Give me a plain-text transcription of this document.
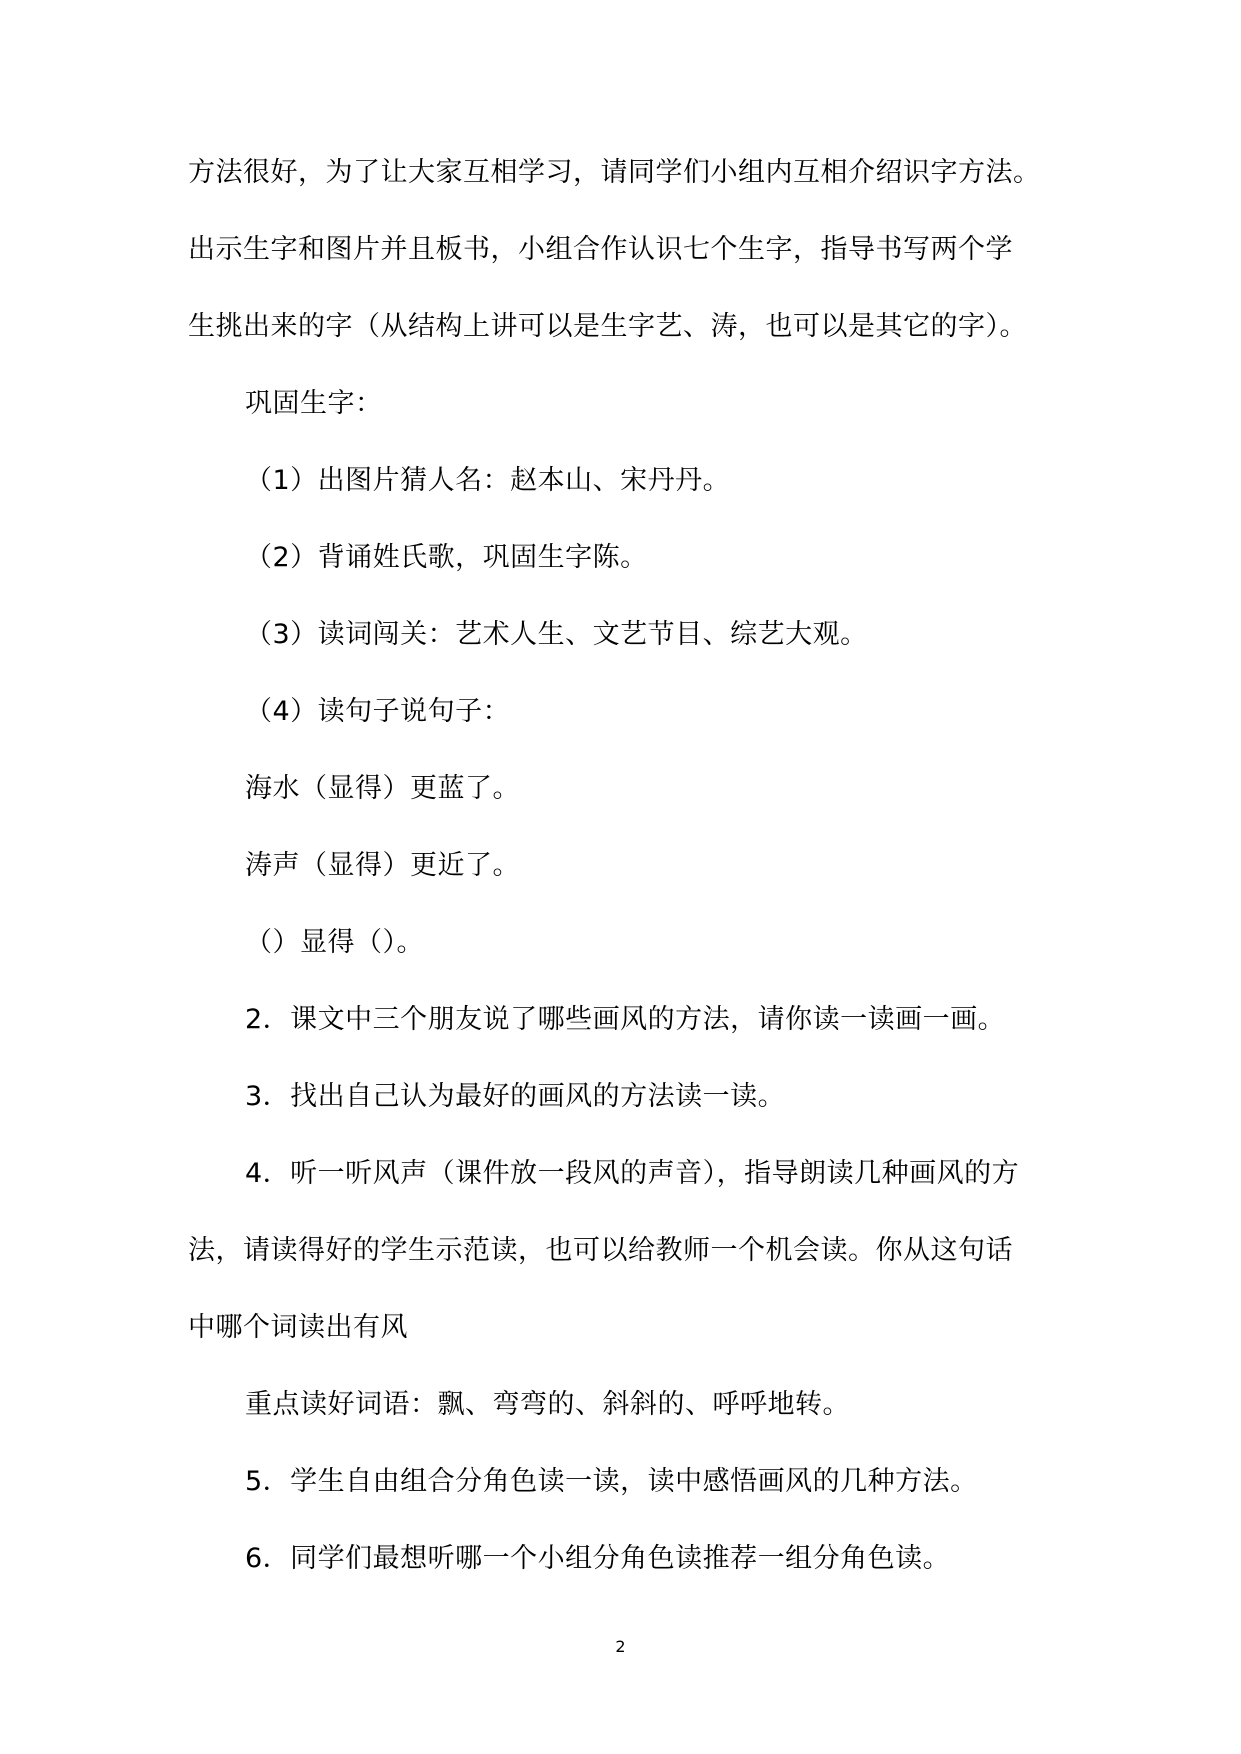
方法很好，为了让大家互相学习，请同学们小组内互相介绍识字方法。
出示生字和图片并且板书，小组合作认识七个生字，指导书写两个学
生挑出来的字（从结构上讲可以是生字艺、涛，也可以是其它的字）。
巩固生字：
（1）出图片猜人名：赵本山、宋丹丹。
（2）背诵姓氏歌，巩固生字陈。
（3）读词闯关：艺术人生、文艺节目、综艺大观。
（4）读句子说句子：
海水（显得）更蓝了。
涛声（显得）更近了。
（）显得（）。
2．课文中三个朋友说了哪些画风的方法，请你读一读画一画。
3．找出自己认为最好的画风的方法读一读。
4．听一听风声（课件放一段风的声音），指导朗读几种画风的方
法，请读得好的学生示范读，也可以给教师一个机会读。你从这句话
中哪个词读出有风
重点读好词语：飘、弯弯的、斜斜的、呼呼地转。
5．学生自由组合分角色读一读，读中感悟画风的几种方法。
6．同学们最想听哪一个小组分角色读推荐一组分角色读。
2
